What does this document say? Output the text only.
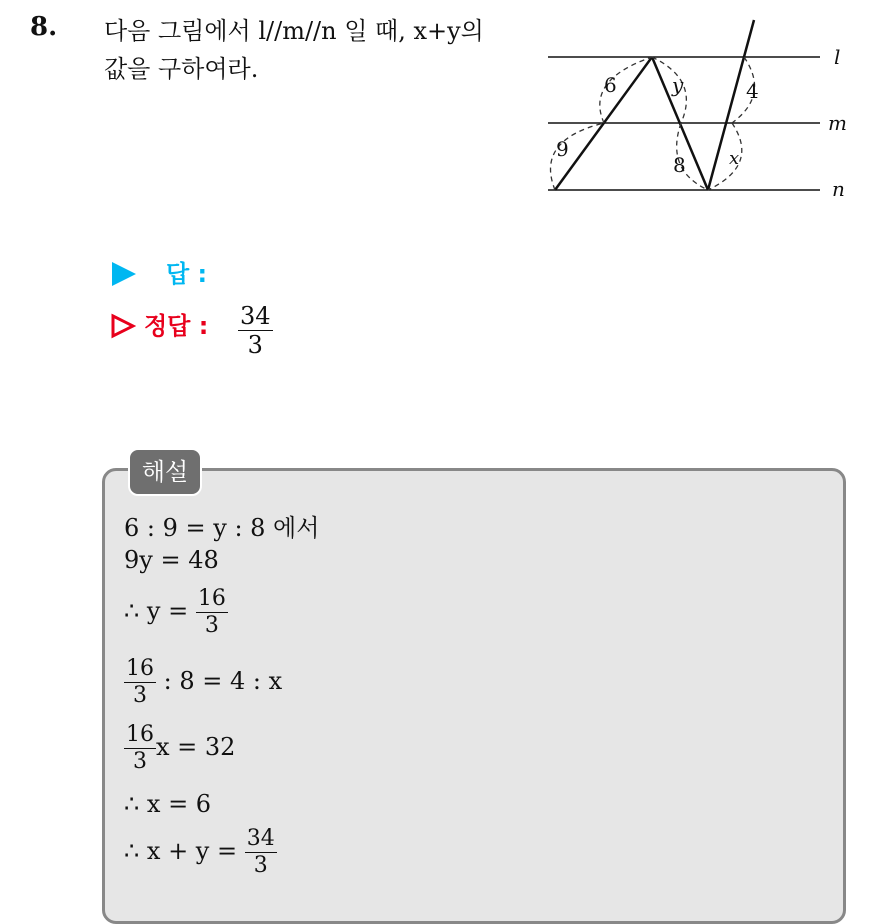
8. 다음 그림에서 l//m//n 일 때, x+y의
값을 구하여라.	l
m
n
6
9
y
8
4
x
답 :
정답 : $\frac{34}{3}$
해설
6 : 9 = y : 8 에서
9y = 48
∴ $y = \frac{16}{3}$
$\frac{16}{3}$ : 8 = 4 : x
$\frac{16}{3}$ x = 32
∴ x = 6
∴ $x + y = \frac{34}{3}$
